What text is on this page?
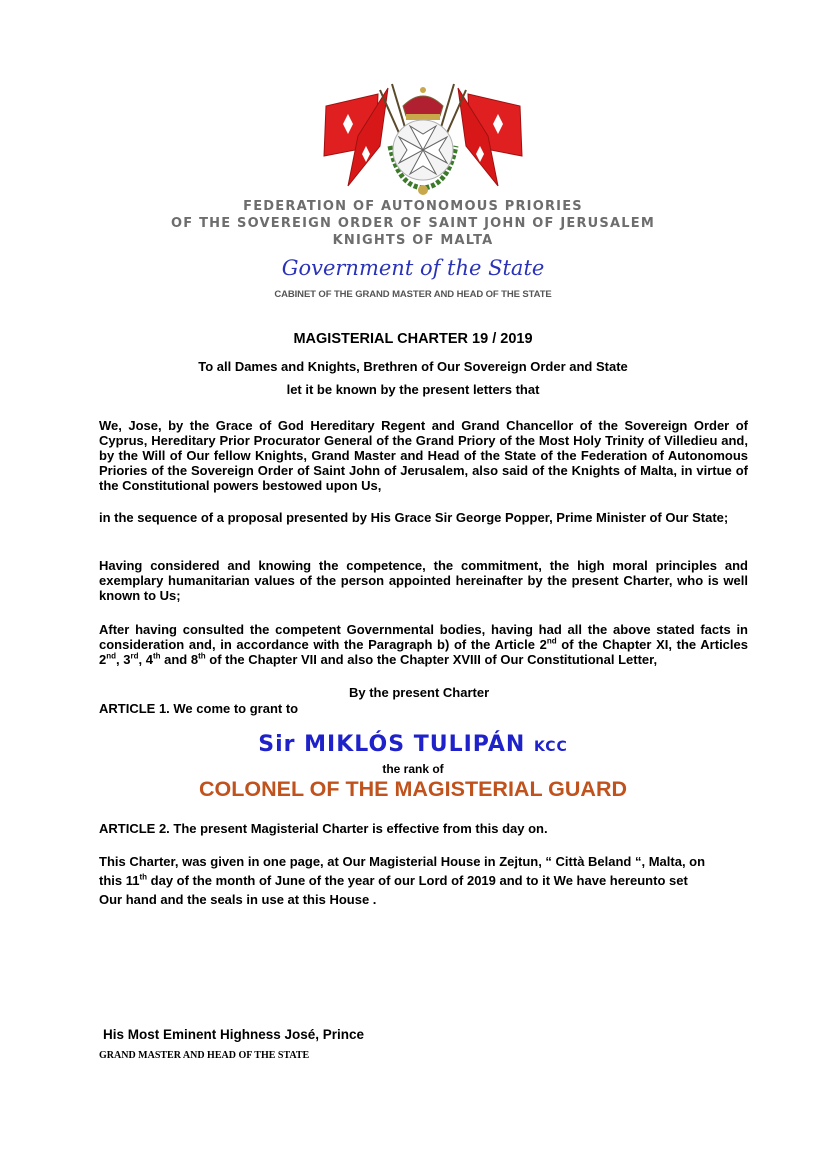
FEDERATION OF AUTONOMOUS PRIORIES
OF THE SOVEREIGN ORDER OF SAINT JOHN OF JERUSALEM
KNIGHTS OF MALTA
Government of the State
CABINET OF THE GRAND MASTER AND HEAD OF THE STATE
MAGISTERIAL CHARTER 19 / 2019
To all Dames and Knights, Brethren of Our Sovereign Order and State
let it be known by the present letters that
We, Jose, by the Grace of God Hereditary Regent and Grand Chancellor of the Sovereign Order of Cyprus, Hereditary Prior Procurator General of the Grand Priory of the Most Holy Trinity of Villedieu and, by the Will of Our fellow Knights, Grand Master and Head of the State of the Federation of Autonomous Priories of the Sovereign Order of Saint John of Jerusalem, also said of the Knights of Malta, in virtue of the Constitutional powers bestowed upon Us,
in the sequence of a proposal presented by His Grace Sir George Popper, Prime Minister of Our State;
Having considered and knowing the competence, the commitment, the high moral principles and exemplary humanitarian values of the person appointed hereinafter by the present Charter, who is well known to Us;
After having consulted the competent Governmental bodies, having had all the above stated facts in consideration and, in accordance with the Paragraph b) of the Article 2nd of the Chapter XI, the Articles 2nd, 3rd, 4th and 8th of the Chapter VII and also the Chapter XVIII of Our Constitutional Letter,
By the present Charter
ARTICLE 1. We come to grant to
Sir MIKLÓS TULIPÁN KCC
the rank of
COLONEL OF THE MAGISTERIAL GUARD
ARTICLE 2. The present Magisterial Charter is effective from this day on.
This Charter, was given in one page, at Our Magisterial House in Zejtun, “ Città Beland “, Malta, on
this 11th day of the month of June of the year of our Lord of 2019 and to it We have hereunto set
Our hand and the seals in use at this House .
His Most Eminent Highness José, Prince
GRAND MASTER AND HEAD OF THE STATE
